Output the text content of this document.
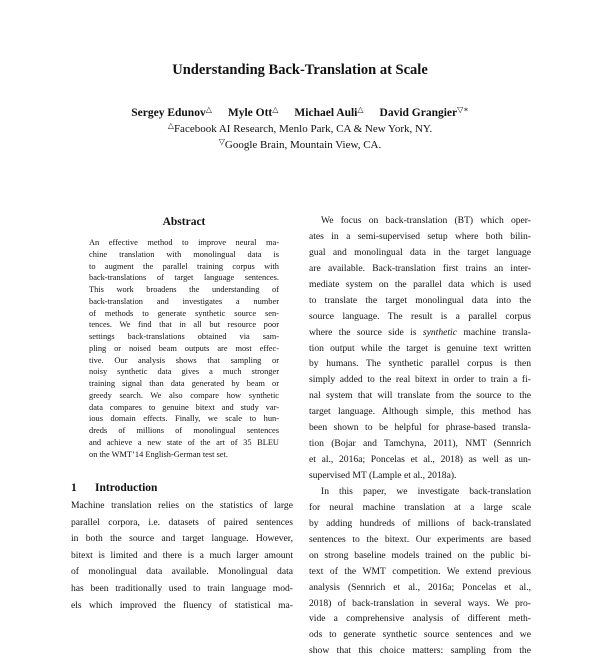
Understanding Back-Translation at Scale
Sergey Edunov△ Myle Ott△ Michael Auli△ David Grangier▽∗
△Facebook AI Research, Menlo Park, CA & New York, NY.
▽Google Brain, Mountain View, CA.
Abstract
An effective method to improve neural ma-
chine translation with monolingual data is
to augment the parallel training corpus with
back-translations of target language sentences.
This work broadens the understanding of
back-translation and investigates a number
of methods to generate synthetic source sen-
tences. We find that in all but resource poor
settings back-translations obtained via sam-
pling or noised beam outputs are most effec-
tive. Our analysis shows that sampling or
noisy synthetic data gives a much stronger
training signal than data generated by beam or
greedy search. We also compare how synthetic
data compares to genuine bitext and study var-
ious domain effects. Finally, we scale to hun-
dreds of millions of monolingual sentences
and achieve a new state of the art of 35 BLEU
on the WMT’14 English-German test set.
1 Introduction
Machine translation relies on the statistics of large
parallel corpora, i.e. datasets of paired sentences
in both the source and target language. However,
bitext is limited and there is a much larger amount
of monolingual data available. Monolingual data
has been traditionally used to train language mod-
els which improved the fluency of statistical ma-
We focus on back-translation (BT) which oper-
ates in a semi-supervised setup where both bilin-
gual and monolingual data in the target language
are available. Back-translation first trains an inter-
mediate system on the parallel data which is used
to translate the target monolingual data into the
source language. The result is a parallel corpus
where the source side is synthetic machine transla-
tion output while the target is genuine text written
by humans. The synthetic parallel corpus is then
simply added to the real bitext in order to train a fi-
nal system that will translate from the source to the
target language. Although simple, this method has
been shown to be helpful for phrase-based transla-
tion (Bojar and Tamchyna, 2011), NMT (Sennrich
et al., 2016a; Poncelas et al., 2018) as well as un-
supervised MT (Lample et al., 2018a).
In this paper, we investigate back-translation
for neural machine translation at a large scale
by adding hundreds of millions of back-translated
sentences to the bitext. Our experiments are based
on strong baseline models trained on the public bi-
text of the WMT competition. We extend previous
analysis (Sennrich et al., 2016a; Poncelas et al.,
2018) of back-translation in several ways. We pro-
vide a comprehensive analysis of different meth-
ods to generate synthetic source sentences and we
show that this choice matters: sampling from the
